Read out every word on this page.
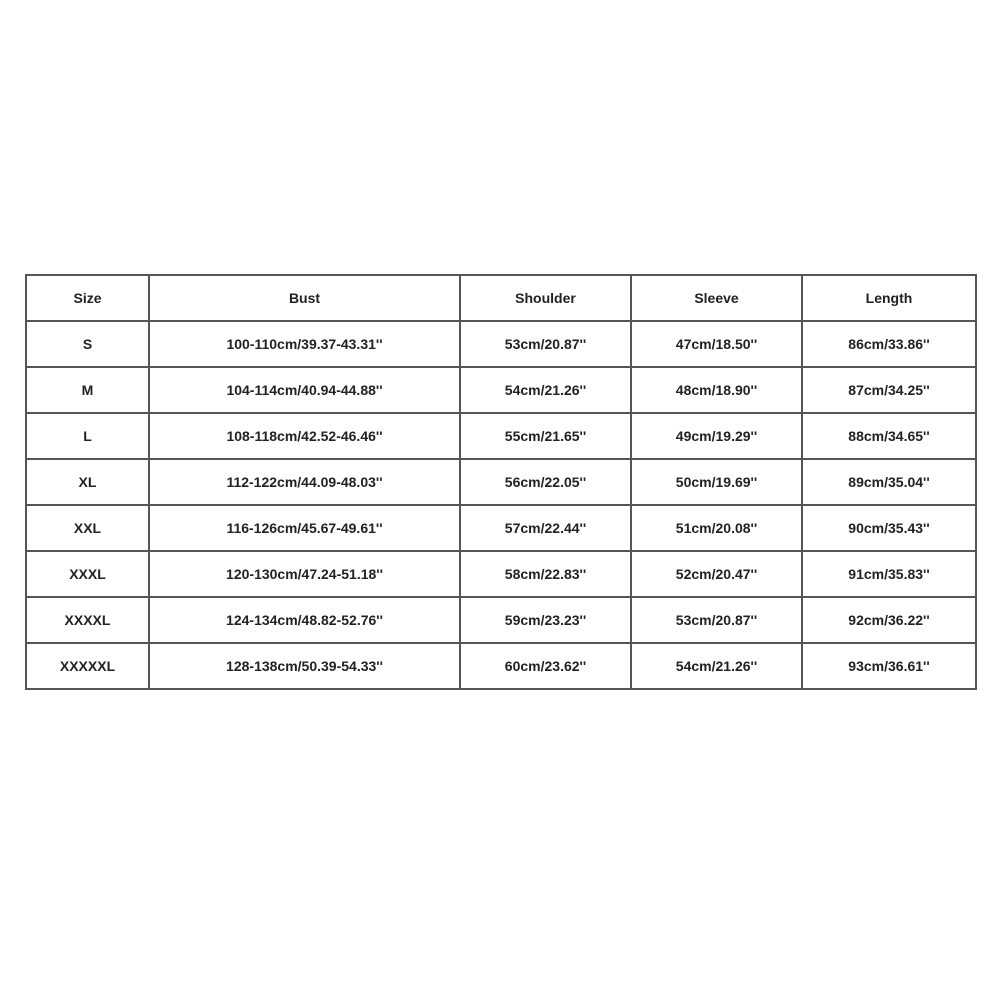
Size	Bust	Shoulder	Sleeve	Length
S	100-110cm/39.37-43.31''	53cm/20.87''	47cm/18.50''	86cm/33.86''
M	104-114cm/40.94-44.88''	54cm/21.26''	48cm/18.90''	87cm/34.25''
L	108-118cm/42.52-46.46''	55cm/21.65''	49cm/19.29''	88cm/34.65''
XL	112-122cm/44.09-48.03''	56cm/22.05''	50cm/19.69''	89cm/35.04''
XXL	116-126cm/45.67-49.61''	57cm/22.44''	51cm/20.08''	90cm/35.43''
XXXL	120-130cm/47.24-51.18''	58cm/22.83''	52cm/20.47''	91cm/35.83''
XXXXL	124-134cm/48.82-52.76''	59cm/23.23''	53cm/20.87''	92cm/36.22''
XXXXXL	128-138cm/50.39-54.33''	60cm/23.62''	54cm/21.26''	93cm/36.61''
